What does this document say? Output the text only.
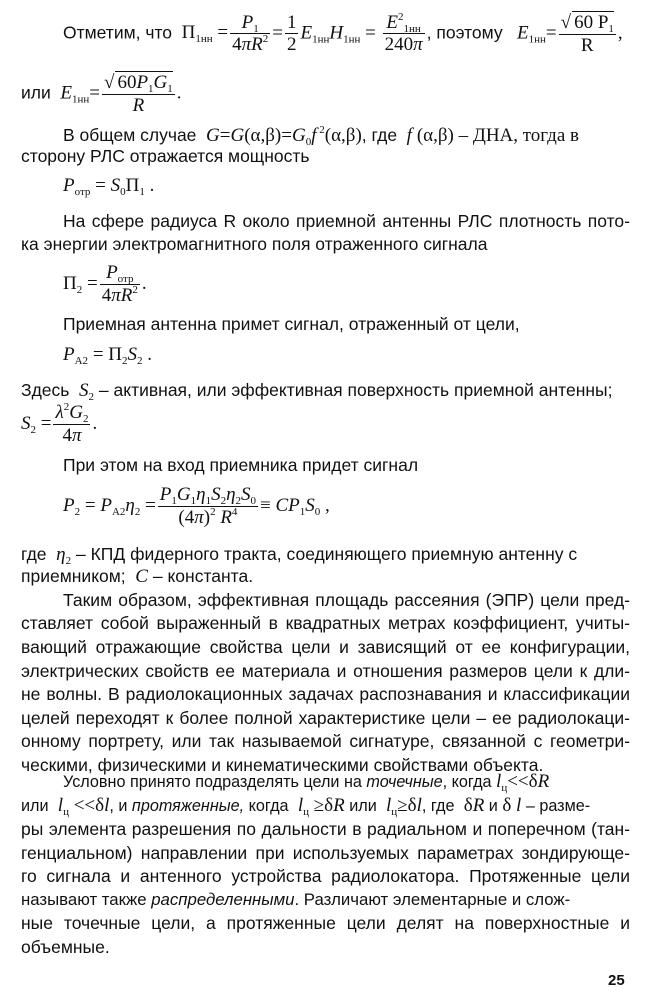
Отметим, что  $\Pi_{1нн} = \frac{P_1}{4\pi R^2} = \frac{1}{2} E_{1нн}H_{1нн} = \frac{E^2_{1нн}}{240\pi}$ , поэтому   $E_{1нн}= \frac{√ 60 P_1}{R}$ ,
или  $E_{1нн}= \frac{√ 60P_1G_1}{R}$ .
В общем случае  $G=G(\alpha,\beta)=G_0f$ $^2$(α,β), где  f (α,β) – ДНА, тогда в
сторону РЛС отражается мощность
$P_{отр} = S_0\Pi_1$ .
На сфере радиуса R около приемной антенны РЛС плотность пото-
ка энергии электромагнитного поля отраженного сигнала
$\Pi_2 = \frac{P_{отр}}{4\pi R^2}$ .
Приемная антенна примет сигнал, отраженный от цели,
$P_{A2} = \Pi_2S_2$ .
Здесь  $S_2$ – активная, или эффективная поверхность приемной антенны;
$S_2 = \frac{\lambda^2G_2}{4\pi}$ .
При этом на вход приемника придет сигнал
$P_2 = P_{A2}\eta_2 = \frac{P_1G_1\eta_1S_2\eta_2S_0}{(4\pi)^2 R^4} \equiv CP_1S_0$ ,
где  $\eta_2$ – КПД фидерного тракта, соединяющего приемную антенну с
приемником;  C – константа.
Таким образом, эффективная площадь рассеяния (ЭПР) цели пред-
ставляет собой выраженный в квадратных метрах коэффициент, учиты-
вающий отражающие свойства цели и зависящий от ее конфигурации,
электрических свойств ее материала и отношения размеров цели к дли-
не волны. В радиолокационных задачах распознавания и классификации
целей переходят к более полной характеристике цели – ее радиолокаци-
онному портрету, или так называемой сигнатуре, связанной с геометри-
ческими, физическими и кинематическими свойствами объекта.
Условно принято подразделять цели на точечные, когда $l_ц<<\delta R$
или  $l_ц <<\delta l$, и протяженные, когда  $l_ц \ge\delta R$ или  $l_ц\ge\delta l$, где  δR и δ l – разме-
ры элемента разрешения по дальности в радиальном и поперечном (тан-
генциальном) направлении при используемых параметрах зондирующе-
го сигнала и антенного устройства радиолокатора. Протяженные цели
называют также распределенными. Различают элементарные и слож-
ные точечные цели, а протяженные цели делят на поверхностные и
объемные.
25
